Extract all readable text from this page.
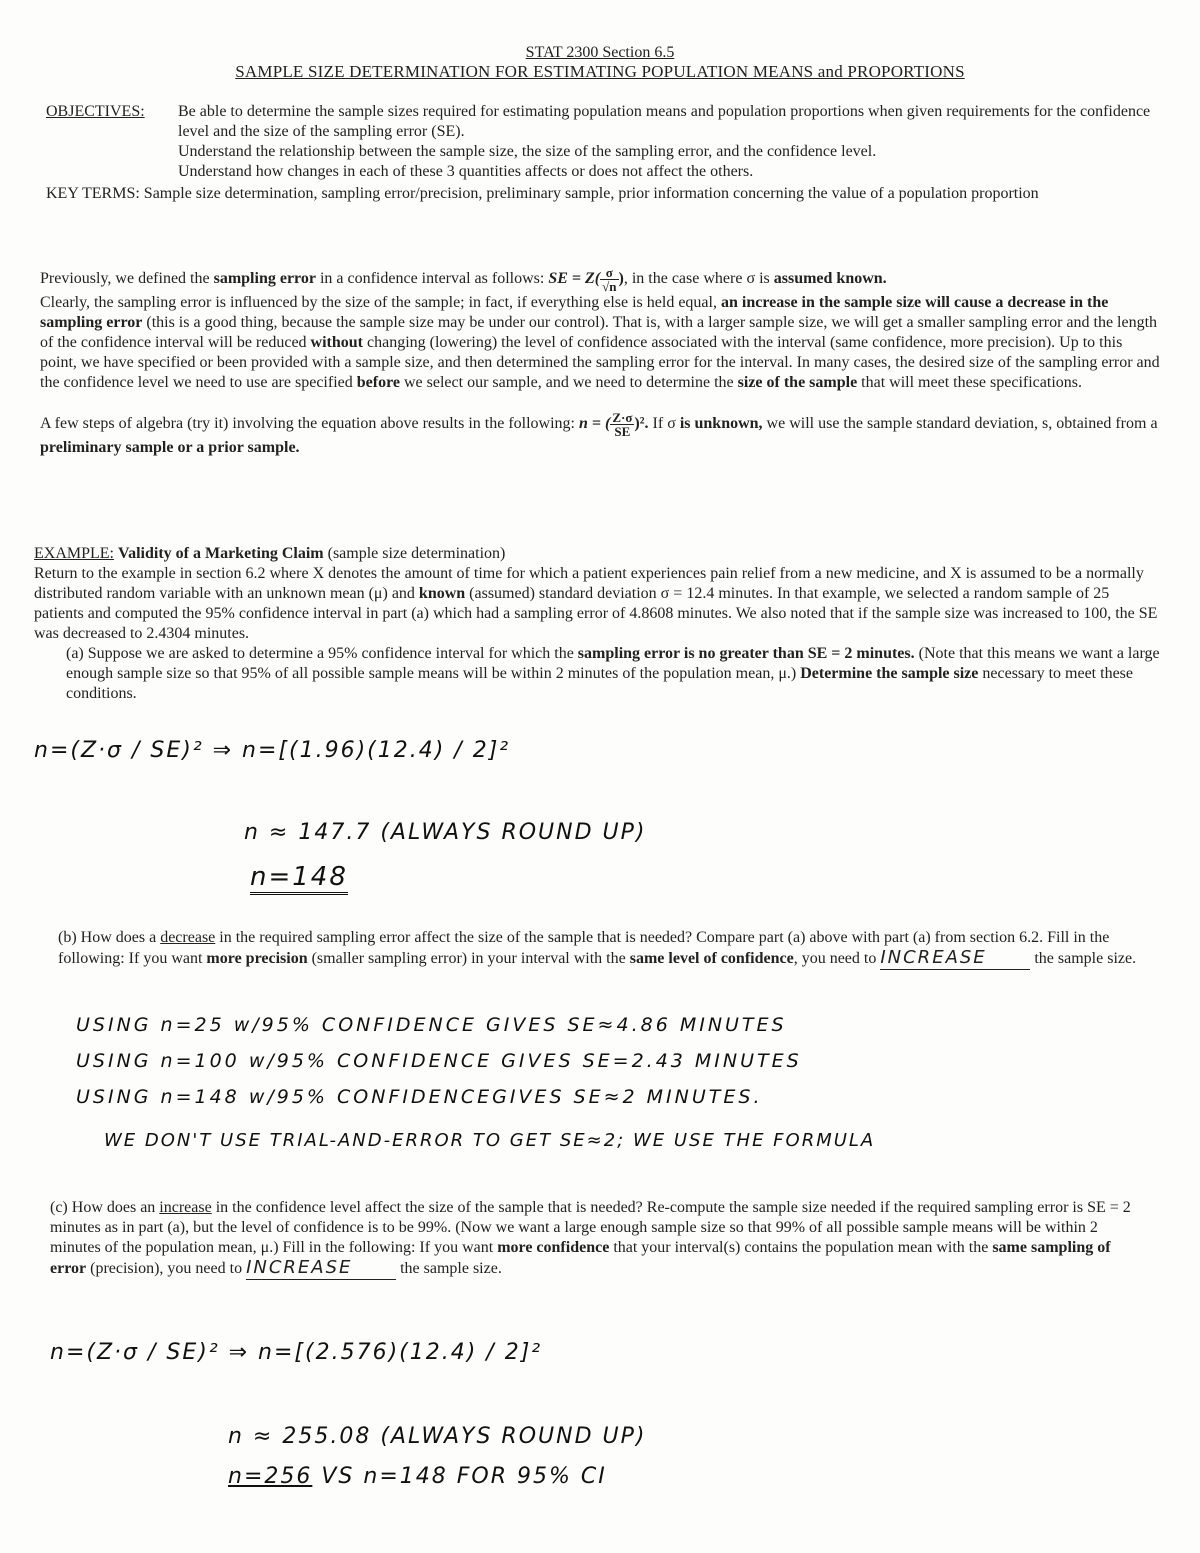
STAT 2300 Section 6.5
SAMPLE SIZE DETERMINATION FOR ESTIMATING POPULATION MEANS and PROPORTIONS
OBJECTIVES:	Be able to determine the sample sizes required for estimating population means and population proportions when given requirements for the confidence level and the size of the sampling error (SE).
Understand the relationship between the sample size, the size of the sampling error, and the confidence level.
Understand how changes in each of these 3 quantities affects or does not affect the others.
KEY TERMS: Sample size determination, sampling error/precision, preliminary sample, prior information concerning the value of a population proportion
Previously, we defined the sampling error in a confidence interval as follows: SE = $Z( \frac{\sigma}{√n}$ ), in the case where σ is assumed known.
Clearly, the sampling error is influenced by the size of the sample; in fact, if everything else is held equal, an increase in the sample size will cause a decrease in the sampling error (this is a good thing, because the sample size may be under our control). That is, with a larger sample size, we will get a smaller sampling error and the length of the confidence interval will be reduced without changing (lowering) the level of confidence associated with the interval (same confidence, more precision). Up to this point, we have specified or been provided with a sample size, and then determined the sampling error for the interval. In many cases, the desired size of the sampling error and the confidence level we need to use are specified before we select our sample, and we need to determine the size of the sample that will meet these specifications.
A few steps of algebra (try it) involving the equation above results in the following: n = ( $\frac{Z\cdot\sigma}{SE} )^2$. If σ is unknown, we will use the sample standard deviation, s, obtained from a preliminary sample or a prior sample.
EXAMPLE: Validity of a Marketing Claim (sample size determination)
Return to the example in section 6.2 where X denotes the amount of time for which a patient experiences pain relief from a new medicine, and X is assumed to be a normally distributed random variable with an unknown mean (μ) and known (assumed) standard deviation σ = 12.4 minutes. In that example, we selected a random sample of 25 patients and computed the 95% confidence interval in part (a) which had a sampling error of 4.8608 minutes. We also noted that if the sample size was increased to 100, the SE was decreased to 2.4304 minutes.
(a) Suppose we are asked to determine a 95% confidence interval for which the sampling error is no greater than SE = 2 minutes. (Note that this means we want a large enough sample size so that 95% of all possible sample means will be within 2 minutes of the population mean, μ.) Determine the sample size necessary to meet these conditions.
n=(Z·σ / SE)² ⇒ n=[(1.96)(12.4) / 2]²
n ≈ 147.7 (ALWAYS ROUND UP)
n=148
(b) How does a decrease in the required sampling error affect the size of the sample that is needed? Compare part (a) above with part (a) from section 6.2. Fill in the following: If you want more precision (smaller sampling error) in your interval with the same level of confidence, you need to INCREASE	the sample size.
USING n=25 w/95% CONFIDENCE GIVES SE≈4.86 MINUTES
USING n=100 w/95% CONFIDENCE GIVES SE=2.43 MINUTES
USING n=148 w/95% CONFIDENCEGIVES SE≈2 MINUTES.
WE DON'T USE TRIAL-AND-ERROR TO GET SE≈2; WE USE THE FORMULA
(c) How does an increase in the confidence level affect the size of the sample that is needed? Re-compute the sample size needed if the required sampling error is SE = 2 minutes as in part (a), but the level of confidence is to be 99%. (Now we want a large enough sample size so that 99% of all possible sample means will be within 2 minutes of the population mean, μ.) Fill in the following: If you want more confidence that your interval(s) contains the population mean with the same sampling of error (precision), you need to INCREASE	the sample size.
n=(Z·σ / SE)² ⇒ n=[(2.576)(12.4) / 2]²
n ≈ 255.08 (ALWAYS ROUND UP)
n=256 VS n=148 FOR 95% CI
